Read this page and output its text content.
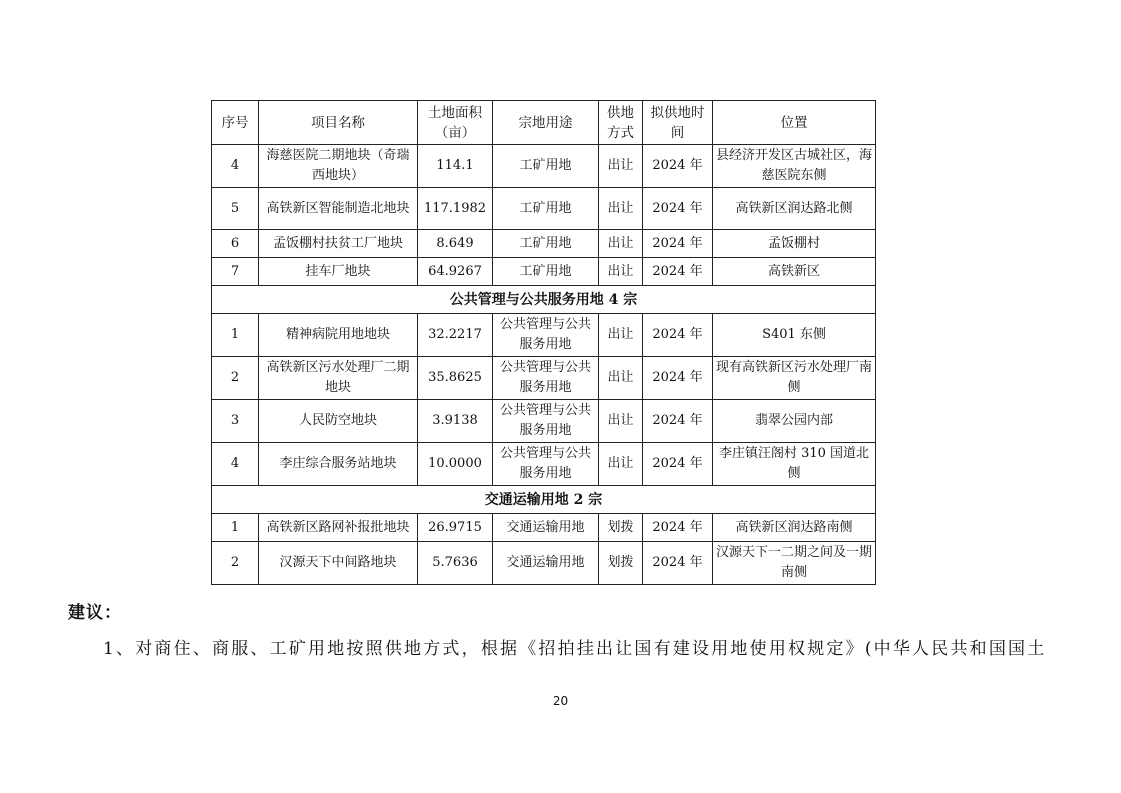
序号	项目名称	土地面积（亩）	宗地用途	供地方式	拟供地时间	位置
4	海慈医院二期地块（奇瑞西地块）	114.1	工矿用地	出让	2024 年	县经济开发区古城社区，海慈医院东侧
5	高铁新区智能制造北地块	117.1982	工矿用地	出让	2024 年	高铁新区润达路北侧
6	孟饭棚村扶贫工厂地块	8.649	工矿用地	出让	2024 年	孟饭棚村
7	挂车厂地块	64.9267	工矿用地	出让	2024 年	高铁新区
公共管理与公共服务用地 4 宗						
1	精神病院用地地块	32.2217	公共管理与公共服务用地	出让	2024 年	S401 东侧
2	高铁新区污水处理厂二期地块	35.8625	公共管理与公共服务用地	出让	2024 年	现有高铁新区污水处理厂南侧
3	人民防空地块	3.9138	公共管理与公共服务用地	出让	2024 年	翡翠公园内部
4	李庄综合服务站地块	10.0000	公共管理与公共服务用地	出让	2024 年	李庄镇汪阁村 310 国道北侧
交通运输用地 2 宗						
1	高铁新区路网补报批地块	26.9715	交通运输用地	划拨	2024 年	高铁新区润达路南侧
2	汉源天下中间路地块	5.7636	交通运输用地	划拨	2024 年	汉源天下一二期之间及一期南侧
建议：
1、对商住、商服、工矿用地按照供地方式，根据《招拍挂出让国有建设用地使用权规定》(中华人民共和国国土
20
